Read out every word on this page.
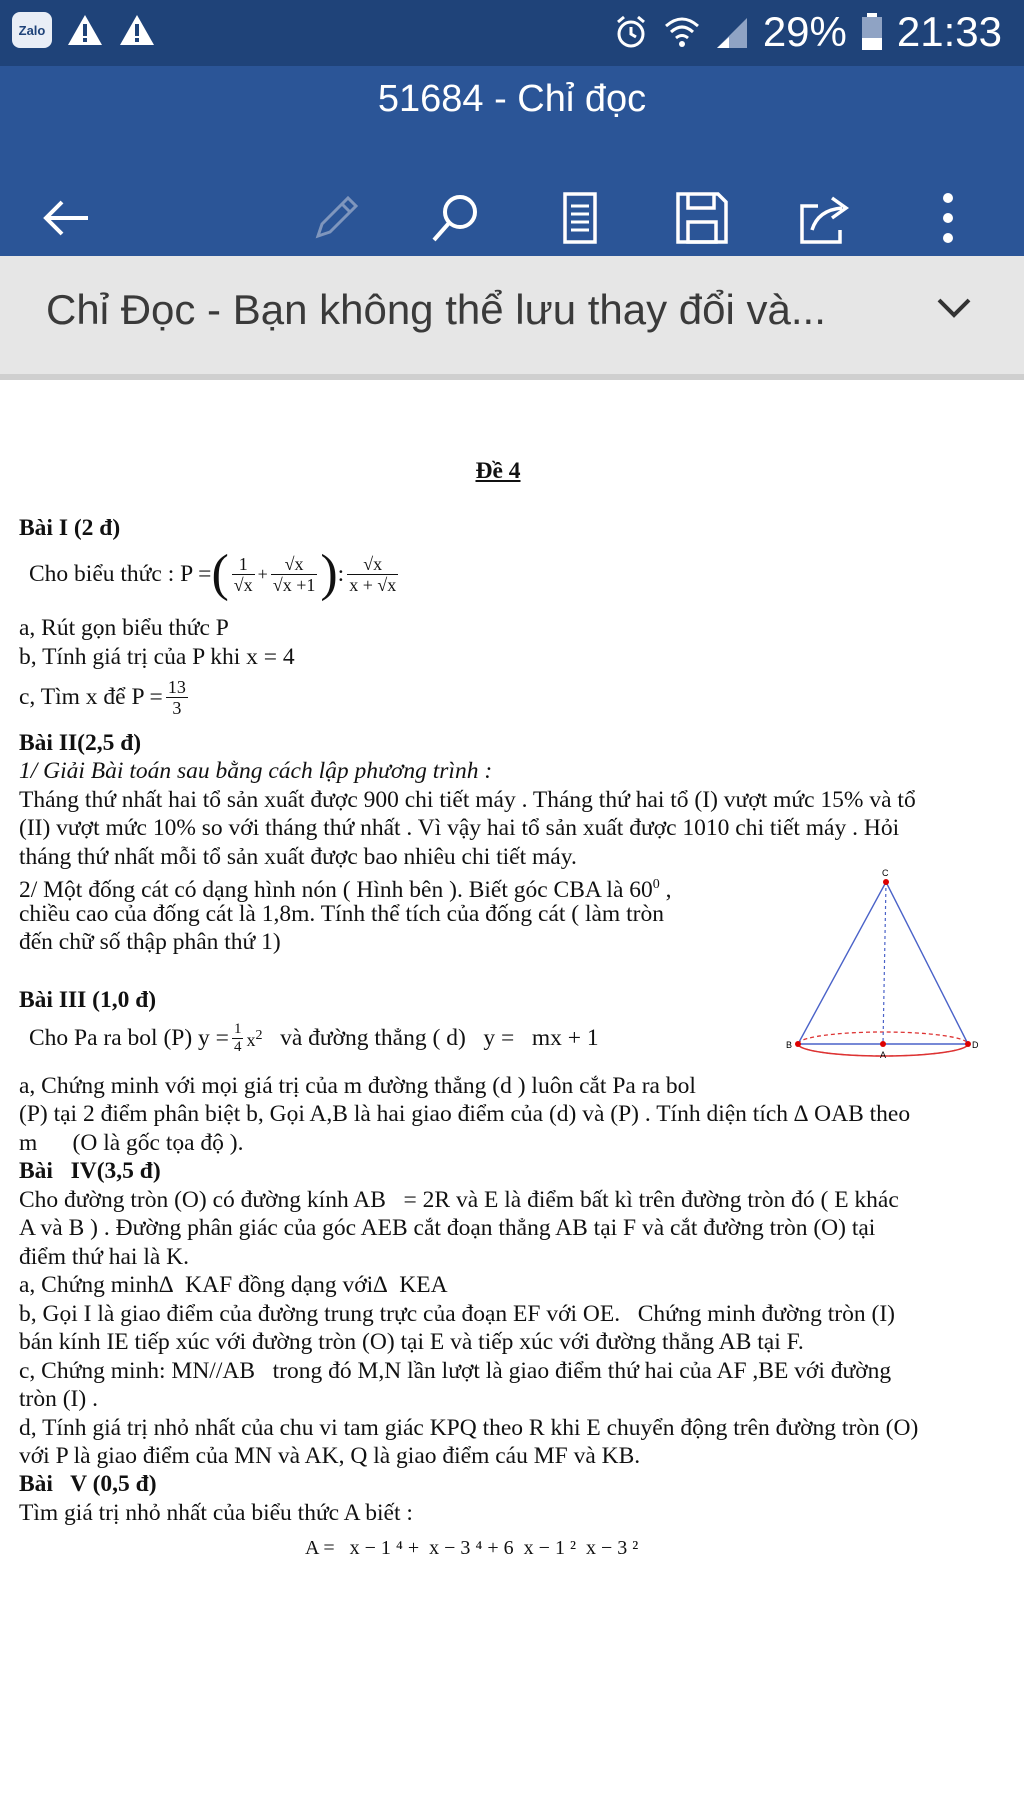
Zalo	29% 21:33
51684 - Chỉ đọc
Chỉ Đọc - Bạn không thể lưu thay đổi và...
Đề 4
Bài I (2 đ)
Cho biểu thức : P = ( $\frac{1}{√x} + \frac{√x}{√x +1}$ ) : $\frac{√x}{x + √x}$
a, Rút gọn biểu thức P
b, Tính giá trị của P khi x = 4
c, Tìm x để $P = \frac{13}{3}$
Bài II(2,5 đ)
1/ Giải Bài toán sau bằng cách lập phương trình :
Tháng thứ nhất hai tổ sản xuất được 900 chi tiết máy . Tháng thứ hai tổ (I) vượt mức 15% và tổ
(II) vượt mức 10% so với tháng thứ nhất . Vì vậy hai tổ sản xuất được 1010 chi tiết máy . Hỏi
tháng thứ nhất mỗi tổ sản xuất được bao nhiêu chi tiết máy.
2/ Một đống cát có dạng hình nón ( Hình bên ). Biết góc CBA là $60^0$ ,
chiều cao của đống cát là 1,8m. Tính thể tích của đống cát ( làm tròn
đến chữ số thập phân thứ 1)
C
B
A
D
Bài III (1,0 đ)
Cho Pa ra bol (P) $y = \frac{1}{4} x^2$ và đường thẳng ( d)   y =   mx + 1
a, Chứng minh với mọi giá trị của m đường thẳng (d ) luôn cắt Pa ra bol
(P) tại 2 điểm phân biệt b, Gọi A,B là hai giao điểm của (d) và (P) . Tính diện tích ∆ OAB theo
m      (O là gốc tọa độ ).
Bài   IV(3,5 đ)
Cho đường tròn (O) có đường kính AB   = 2R và E là điểm bất kì trên đường tròn đó ( E khác
A và B ) . Đường phân giác của góc AEB cắt đoạn thẳng AB tại F và cắt đường tròn (O) tại
điểm thứ hai là K.
a, Chứng minh∆  KAF đồng dạng với∆  KEA
b, Gọi I là giao điểm của đường trung trực của đoạn EF với OE.   Chứng minh đường tròn (I)
bán kính IE tiếp xúc với đường tròn (O) tại E và tiếp xúc với đường thẳng AB tại F.
c, Chứng minh: MN//AB   trong đó M,N lần lượt là giao điểm thứ hai của AF ,BE với đường
tròn (I) .
d, Tính giá trị nhỏ nhất của chu vi tam giác KPQ theo R khi E chuyển động trên đường tròn (O)
với P là giao điểm của MN và AK, Q là giao điểm cáu MF và KB.
Bài   V (0,5 đ)
Tìm giá trị nhỏ nhất của biểu thức A biết :
A =   x − 1 ⁴ +  x − 3 ⁴ + 6  x − 1 ²  x − 3 ²
